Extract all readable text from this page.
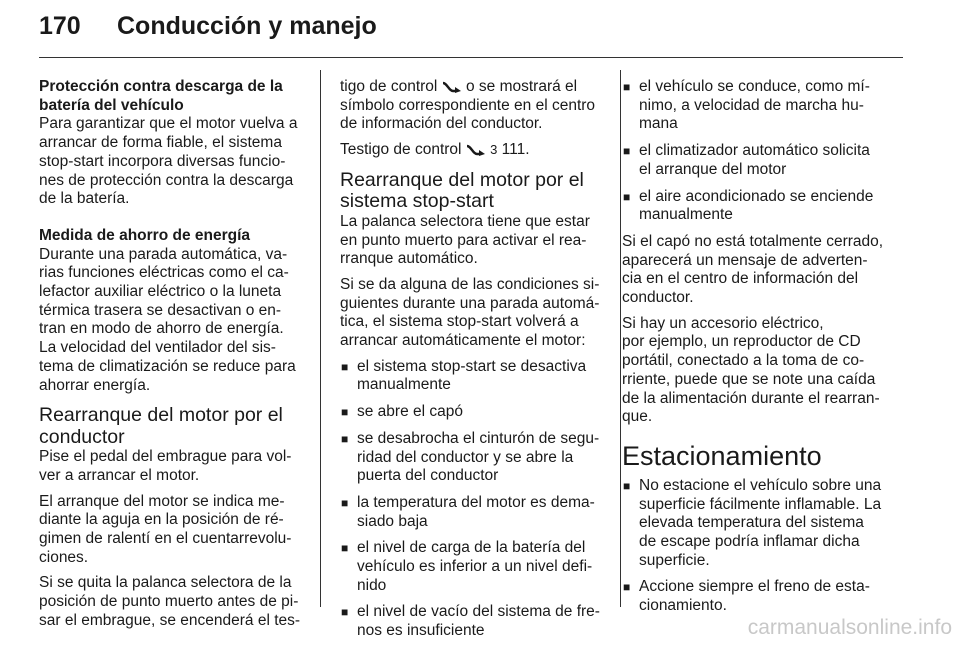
170 Conducción y manejo
Protección contra descarga de la
batería del vehículo

Para garantizar que el motor vuelva a
arrancar de forma fiable, el sistema
stop-start incorpora diversas funcio-
nes de protección contra la descarga
de la batería.

Medida de ahorro de energía

Durante una parada automática, va-
rias funciones eléctricas como el ca-
lefactor auxiliar eléctrico o la luneta
térmica trasera se desactivan o en-
tran en modo de ahorro de energía.
La velocidad del ventilador del sis-
tema de climatización se reduce para
ahorrar energía.

Rearranque del motor por el
conductor

Pise el pedal del embrague para vol-
ver a arrancar el motor.

El arranque del motor se indica me-
diante la aguja en la posición de ré-
gimen de ralentí en el cuentarrevolu-
ciones.

Si se quita la palanca selectora de la
posición de punto muerto antes de pi-
sar el embrague, se encenderá el tes-

tigo de control  o se mostrará el
símbolo correspondiente en el centro
de información del conductor.

Testigo de control  3 111.

Rearranque del motor por el
sistema stop-start

La palanca selectora tiene que estar
en punto muerto para activar el rea-
rranque automático.

Si se da alguna de las condiciones si-
guientes durante una parada automá-
tica, el sistema stop-start volverá a
arrancar automáticamente el motor:

■ el sistema stop-start se desactiva
manualmente
■ se abre el capó
■ se desabrocha el cinturón de segu-
ridad del conductor y se abre la
puerta del conductor
■ la temperatura del motor es dema-
siado baja
■ el nivel de carga de la batería del
vehículo es inferior a un nivel defi-
nido
■ el nivel de vacío del sistema de fre-
nos es insuficiente
■ el vehículo se conduce, como mí-
nimo, a velocidad de marcha hu-
mana
■ el climatizador automático solicita
el arranque del motor
■ el aire acondicionado se enciende
manualmente

Si el capó no está totalmente cerrado,
aparecerá un mensaje de adverten-
cia en el centro de información del
conductor.

Si hay un accesorio eléctrico,
por ejemplo, un reproductor de CD
portátil, conectado a la toma de co-
rriente, puede que se note una caída
de la alimentación durante el rearran-
que.

Estacionamiento
■ No estacione el vehículo sobre una
superficie fácilmente inflamable. La
elevada temperatura del sistema
de escape podría inflamar dicha
superficie.
■ Accione siempre el freno de esta-
cionamiento.
carmanualsonline.info
